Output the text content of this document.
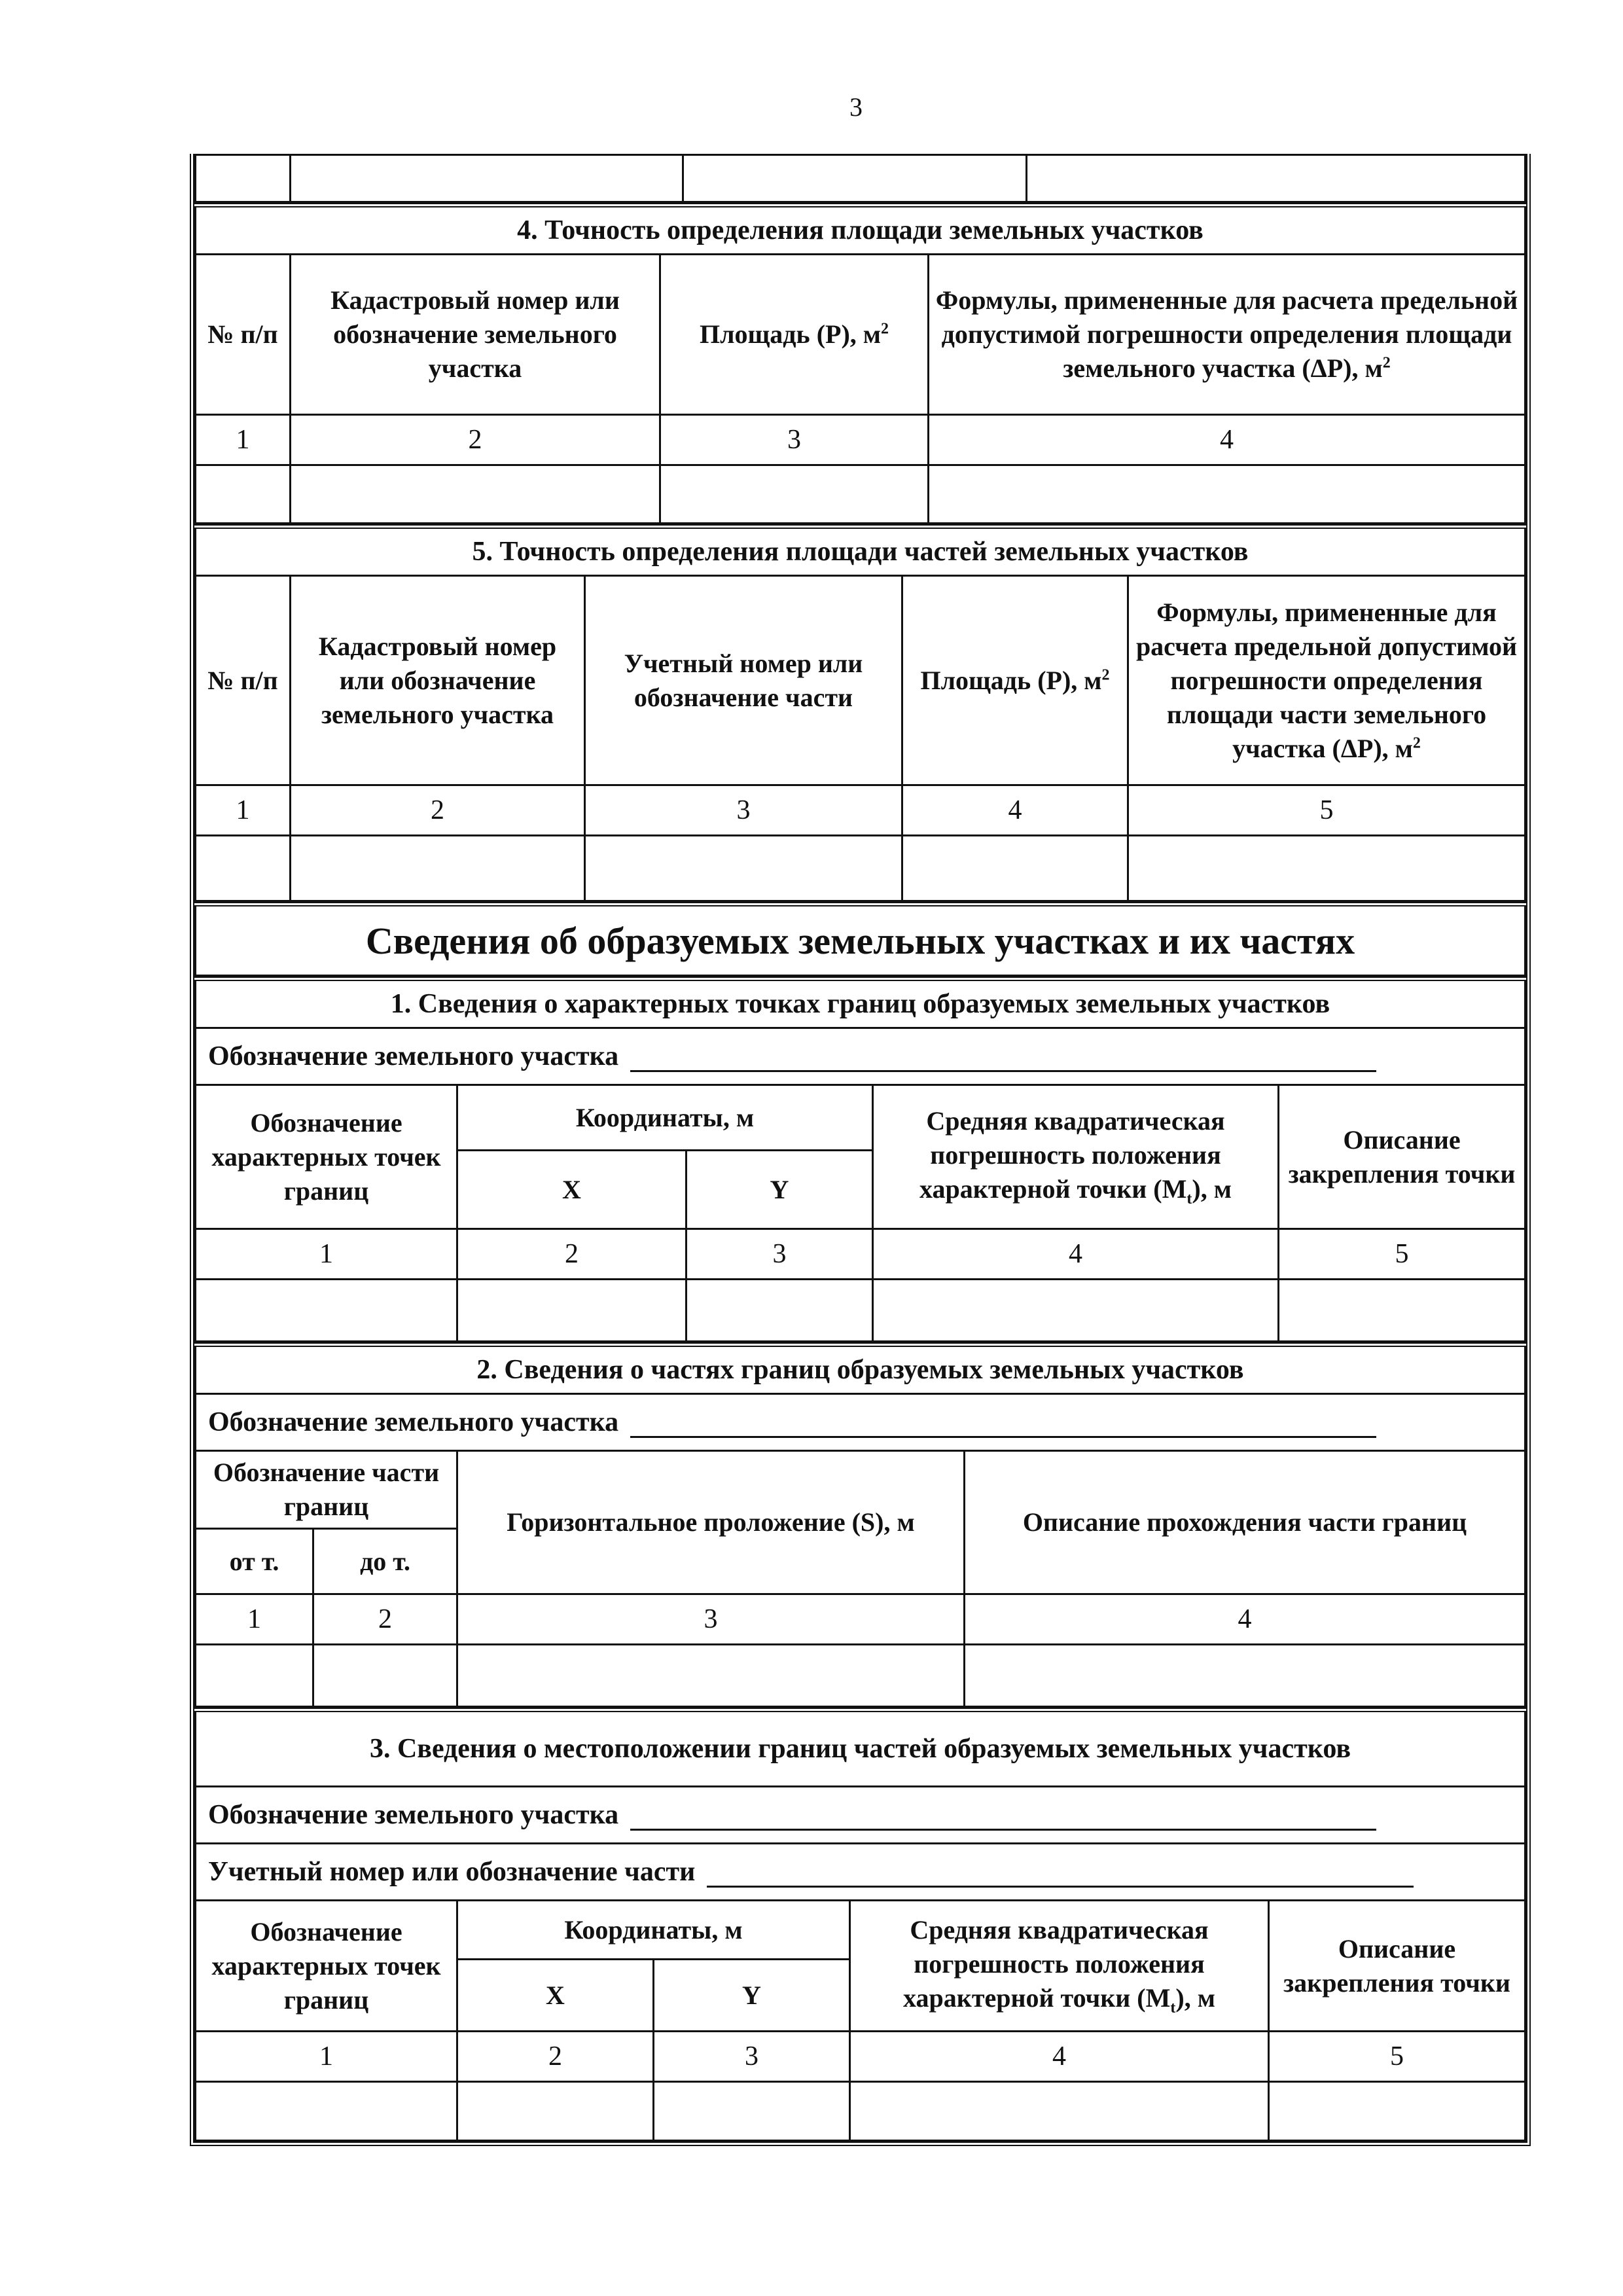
3

4. Точность определения площади земельных участков			
№ п/п	Кадастровый номер или обозначение земельного участка	Площадь (Р), $м^2$	Формулы, примененные для расчета предельной допустимой погрешности определения площади земельного участка (ΔР), $м^2$
1	2	3	4

5. Точность определения площади частей земельных участков				
№ п/п	Кадастровый номер или обозначение земельного участка	Учетный номер или обозначение части	Площадь (Р), $м^2$	Формулы, примененные для расчета предельной допустимой погрешности определения площади части земельного участка (ΔР), $м^2$
1	2	3	4	5

Сведения об образуемых земельных участках и их частях
1. Сведения о характерных точках границ образуемых земельных участков				
Обозначение земельного участка				
Обозначение характерных точек границ	Координаты, м		Средняя квадратическая погрешность положения характерной точки $(М_t)$, м	Описание закрепления точки
	X	Y		
1	2	3	4	5

2. Сведения о частях границ образуемых земельных участков			
Обозначение земельного участка			
Обозначение части границ		Горизонтальное проложение (S), м	Описание прохождения части границ
от т.	до т.		
1	2	3	4

3. Сведения о местоположении границ частей образуемых земельных участков				
Обозначение земельного участка				
Учетный номер или обозначение части				
Обозначение характерных точек границ	Координаты, м		Средняя квадратическая погрешность положения характерной точки $(М_t)$, м	Описание закрепления точки
	X	Y		
1	2	3	4	5
